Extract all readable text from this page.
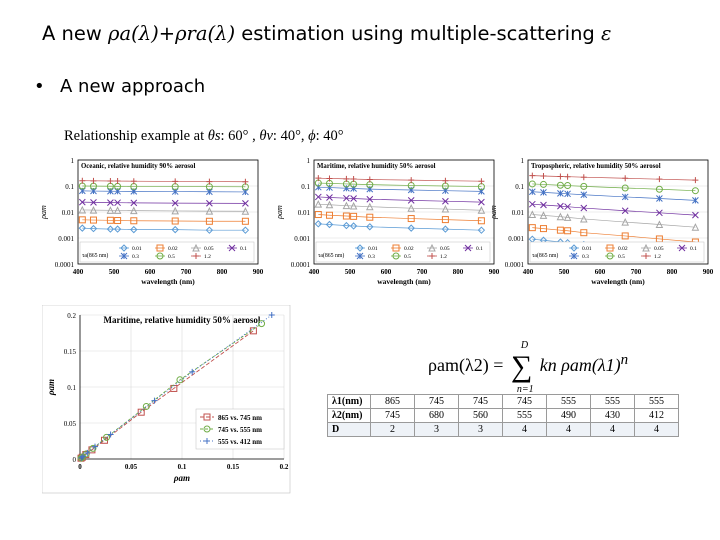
A new ρa(λ)+ρra(λ) estimation using multiple-scattering ε
• A new approach
Relationship example at θs: 60° , θv: 40°, ϕ: 40°
1
0.1
0.01
0.001
0.0001
400	500	600	700	800	900
wavelength (nm)
ρam
Oceanic, relative humidity 90% aerosol
τa(865 nm)
0.01	0.02	0.05	0.1
0.3	0.5	1.2
1
0.1
0.01
0.001
0.0001
400	500	600	700	800	900
wavelength (nm)
ρam
Maritime, relative humidity 50% aerosol
τa(865 nm)
0.01	0.02	0.05	0.1
0.3	0.5	1.2
1
0.1
0.01
0.001
0.0001
400	500	600	700	800	900
wavelength (nm)
ρam
Tropospheric, relative humidity 50% aerosol
τa(865 nm)
0.01	0.02	0.05	0.1
0.3	0.5	1.2
0
0.05
0.1
0.15
0.2
0	0.05	0.1	0.15	0.2
ρam
ρam
Maritime, relative humidity 50% aerosol
865 vs. 745 nm
745 vs. 555 nm
555 vs. 412 nm
ρam(λ2) =
D
∑
n=1
kn $\rho am(\lambda 1)^n$
λ1(nm)	865	745	745	745	555	555	555
λ2(nm)	745	680	560	555	490	430	412
D	2	3	3	4	4	4	4
